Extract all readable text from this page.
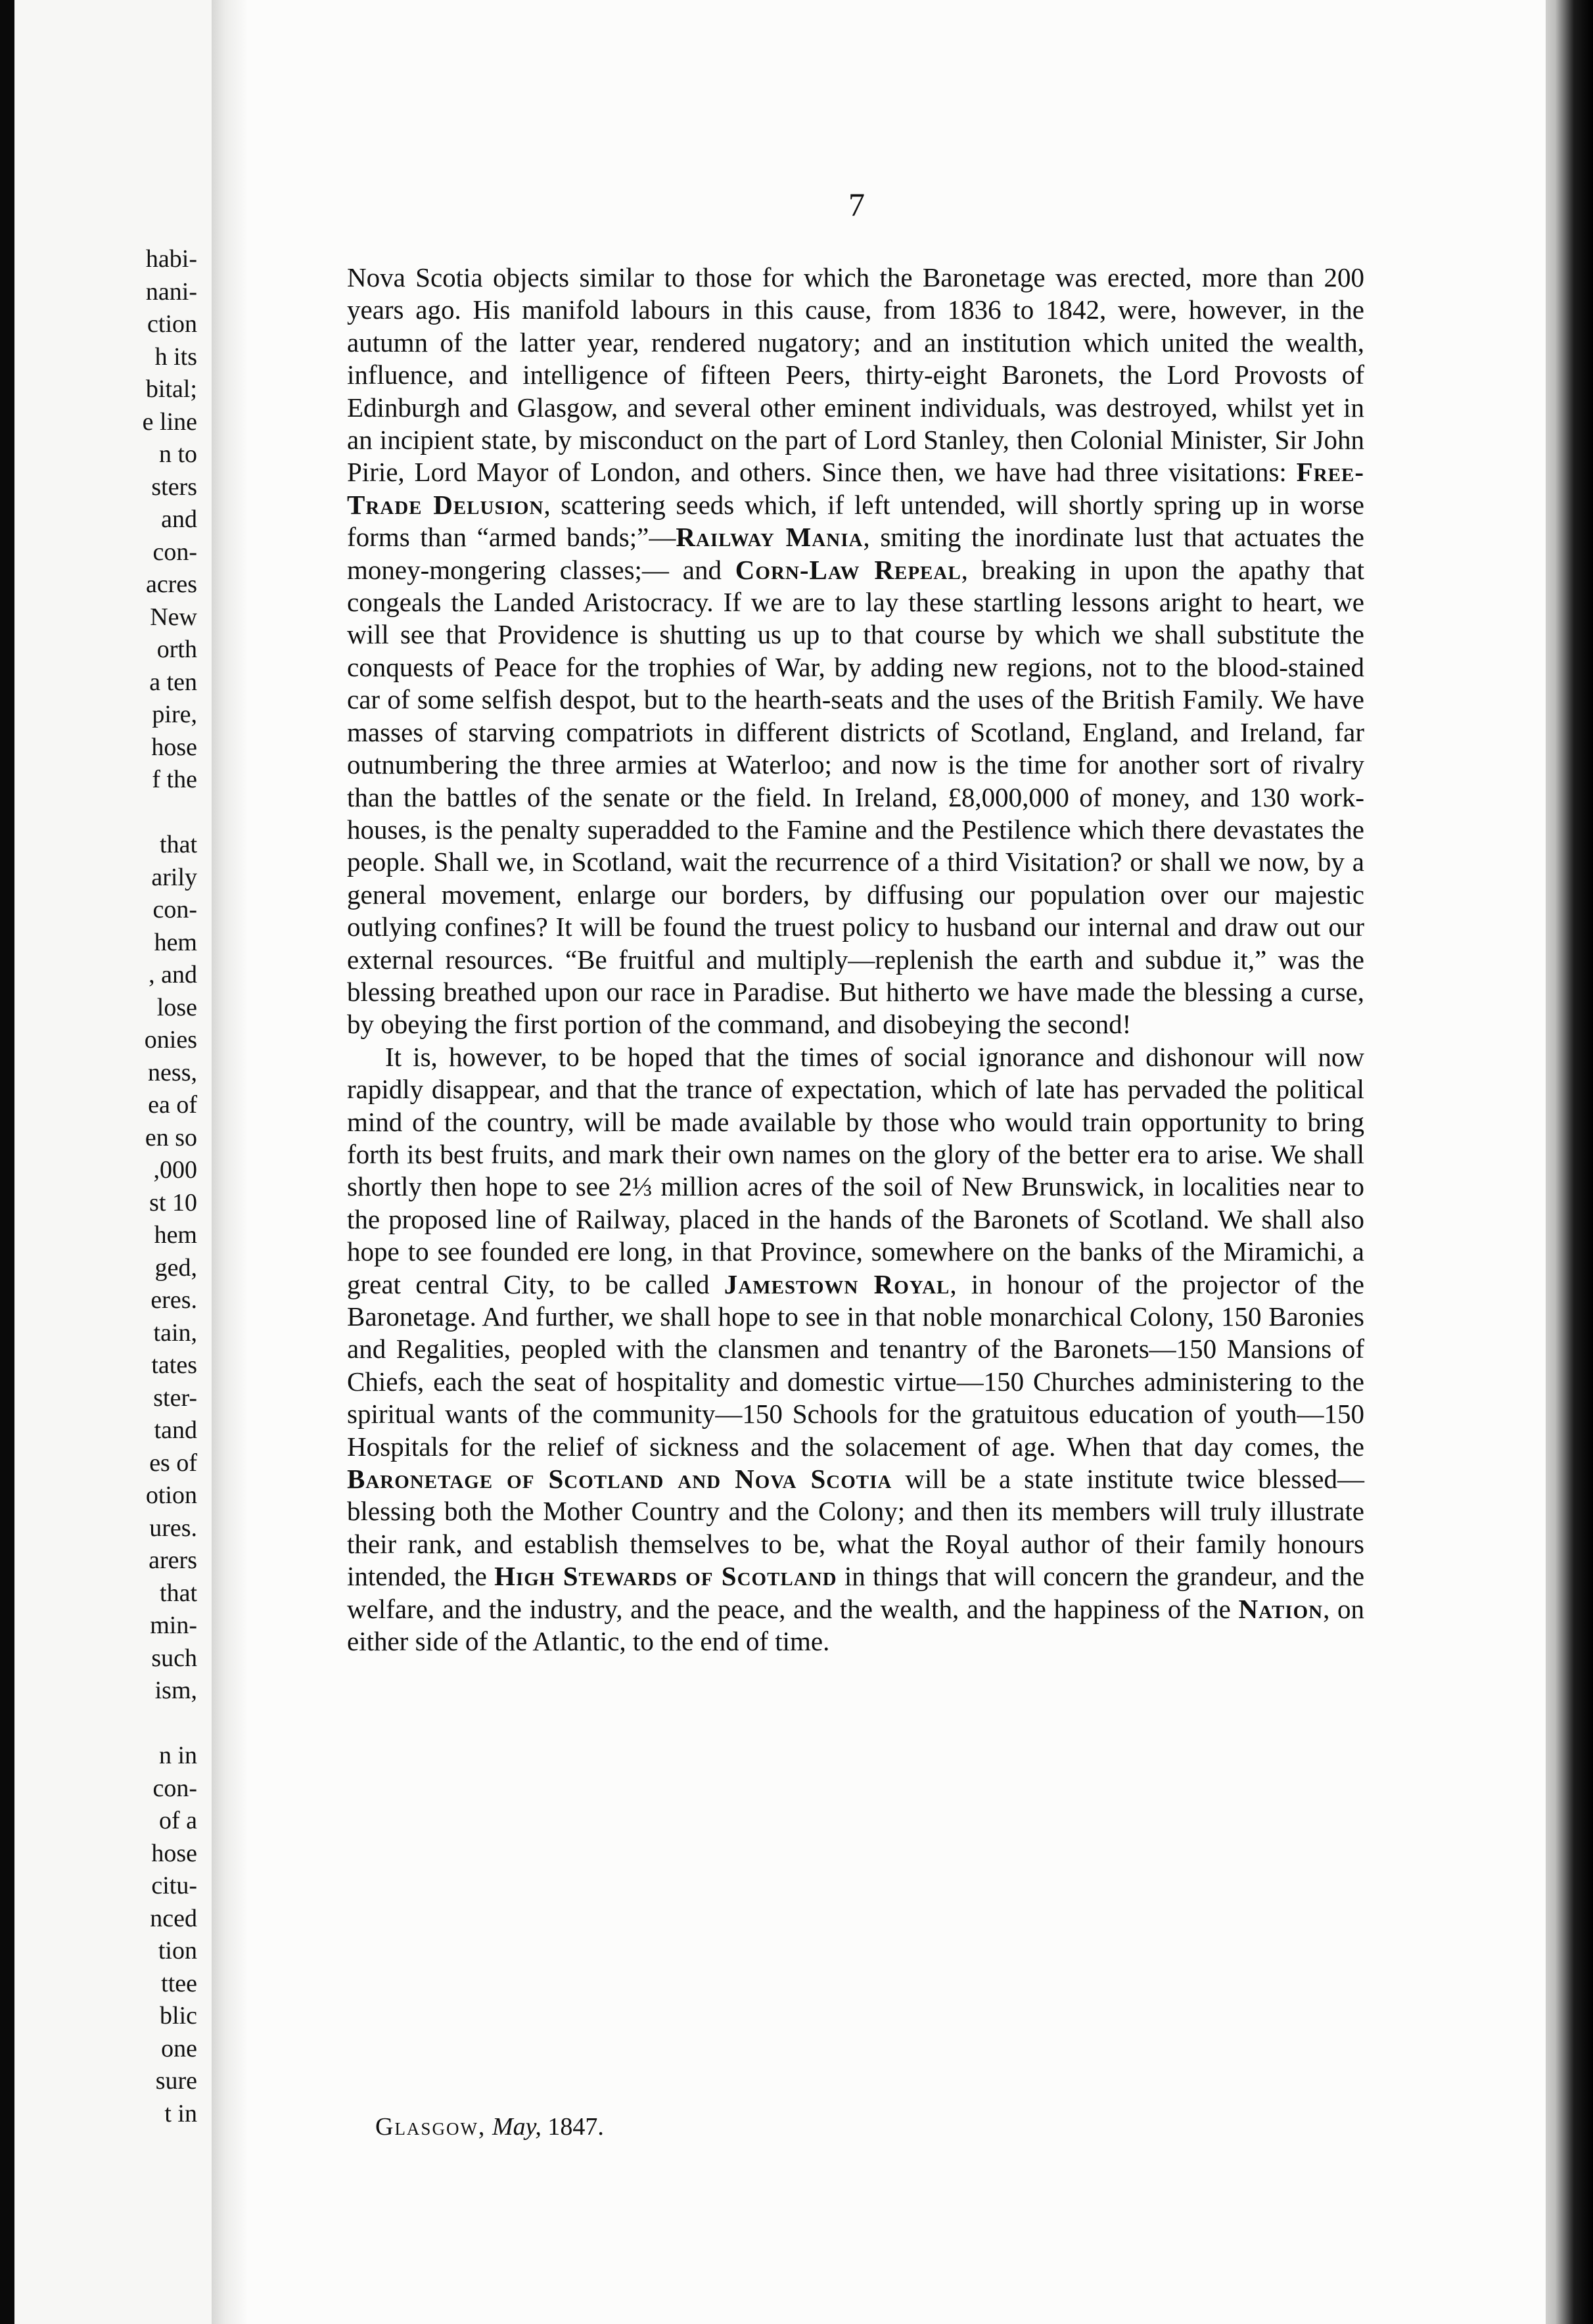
habi-
nani-
ction
h its
bital;
e line
n to
sters
and
con-
acres
New
orth
a ten
pire,
hose
f the
that
arily
con-
hem
, and
lose
onies
ness,
ea of
en so
,000
st 10
hem
ged,
eres.
tain,
tates
ster-
tand
es of
otion
ures.
arers
that
min-
such
ism,
n in
con-
of a
hose
citu-
nced
tion
ttee
blic
one
sure
t in
7

Nova Scotia objects similar to those for which the Baronetage was erected, more than 200 years ago. His manifold labours in this cause, from 1836 to 1842, were, however, in the autumn of the latter year, rendered nugatory; and an institution which united the wealth, influence, and intelligence of fifteen Peers, thirty-eight Baronets, the Lord Provosts of Edinburgh and Glasgow, and several other eminent individuals, was destroyed, whilst yet in an incipient state, by misconduct on the part of Lord Stanley, then Colonial Minister, Sir John Pirie, Lord Mayor of London, and others. Since then, we have had three visitations: Free-Trade Delusion, scattering seeds which, if left untended, will shortly spring up in worse forms than “armed bands;”—Railway Mania, smiting the inordinate lust that actuates the money-mongering classes;— and Corn-Law Repeal, breaking in upon the apathy that congeals the Landed Aristocracy. If we are to lay these startling lessons aright to heart, we will see that Providence is shutting us up to that course by which we shall substitute the conquests of Peace for the trophies of War, by adding new regions, not to the blood-stained car of some selfish despot, but to the hearth-seats and the uses of the British Family. We have masses of starving compatriots in different districts of Scotland, England, and Ireland, far outnumbering the three armies at Waterloo; and now is the time for another sort of rivalry than the battles of the senate or the field. In Ireland, £8,000,000 of money, and 130 work-houses, is the penalty superadded to the Famine and the Pestilence which there devastates the people. Shall we, in Scotland, wait the recurrence of a third Visitation? or shall we now, by a general movement, enlarge our borders, by diffusing our population over our majestic outlying confines? It will be found the truest policy to husband our internal and draw out our external resources. “Be fruitful and multiply—replenish the earth and subdue it,” was the blessing breathed upon our race in Paradise. But hitherto we have made the blessing a curse, by obeying the first portion of the command, and disobeying the second!

It is, however, to be hoped that the times of social ignorance and dishonour will now rapidly disappear, and that the trance of expectation, which of late has pervaded the political mind of the country, will be made available by those who would train opportunity to bring forth its best fruits, and mark their own names on the glory of the better era to arise. We shall shortly then hope to see 2⅓ million acres of the soil of New Brunswick, in localities near to the proposed line of Railway, placed in the hands of the Baronets of Scotland. We shall also hope to see founded ere long, in that Province, somewhere on the banks of the Miramichi, a great central City, to be called Jamestown Royal, in honour of the projector of the Baronetage. And further, we shall hope to see in that noble monarchical Colony, 150 Baronies and Regalities, peopled with the clansmen and tenantry of the Baronets—150 Mansions of Chiefs, each the seat of hospitality and domestic virtue—150 Churches administering to the spiritual wants of the community—150 Schools for the gratuitous education of youth—150 Hospitals for the relief of sickness and the solacement of age. When that day comes, the Baronetage of Scotland and Nova Scotia will be a state institute twice blessed—blessing both the Mother Country and the Colony; and then its members will truly illustrate their rank, and establish themselves to be, what the Royal author of their family honours intended, the High Stewards of Scotland in things that will concern the grandeur, and the welfare, and the industry, and the peace, and the wealth, and the happiness of the Nation, on either side of the Atlantic, to the end of time.

Glasgow, May, 1847.
